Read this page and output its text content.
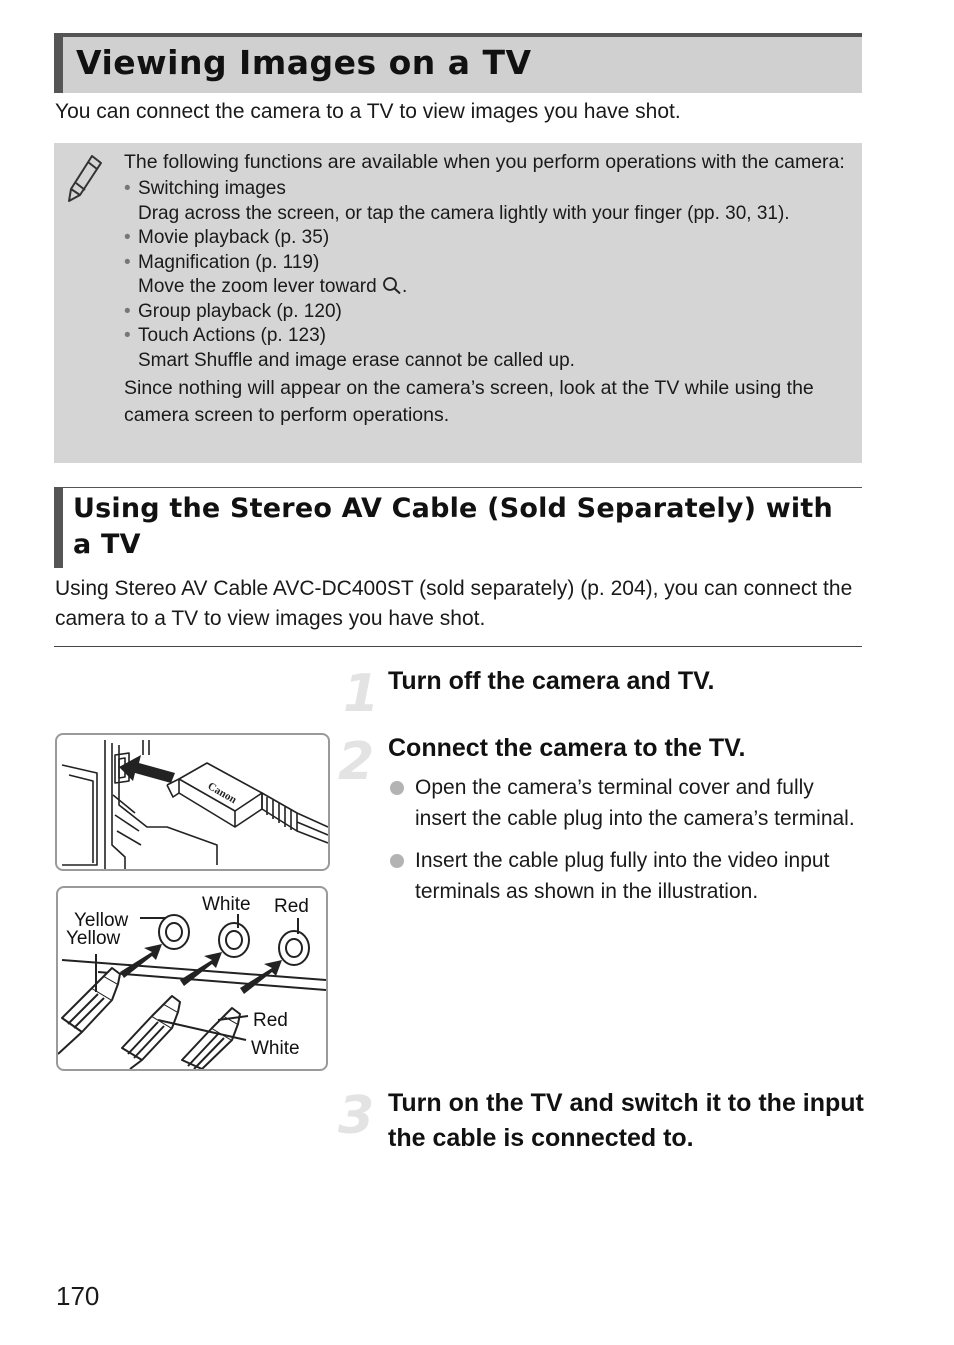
Viewing Images on a TV

You can connect the camera to a TV to view images you have shot.

The following functions are available when you perform operations with the camera:

• Switching images
Drag across the screen, or tap the camera lightly with your finger (pp. 30, 31).
• Movie playback (p. 35)
• Magnification (p. 119)
Move the zoom lever toward .
• Group playback (p. 120)
• Touch Actions (p. 123)
Smart Shuffle and image erase cannot be called up.

Since nothing will appear on the camera’s screen, look at the TV while using the camera screen to perform operations.

Using the Stereo AV Cable (Sold Separately) with a TV

Using Stereo AV Cable AVC-DC400ST (sold separately) (p. 204), you can connect the camera to a TV to view images you have shot.

1 Turn off the camera and TV.
2 Connect the camera to the TV.
Open the camera’s terminal cover and fully insert the cable plug into the camera’s terminal.
Insert the cable plug fully into the video input terminals as shown in the illustration.
3 Turn on the TV and switch it to the input the cable is connected to.
Canon
Yellow
Yellow
White Red
Red
White
170
